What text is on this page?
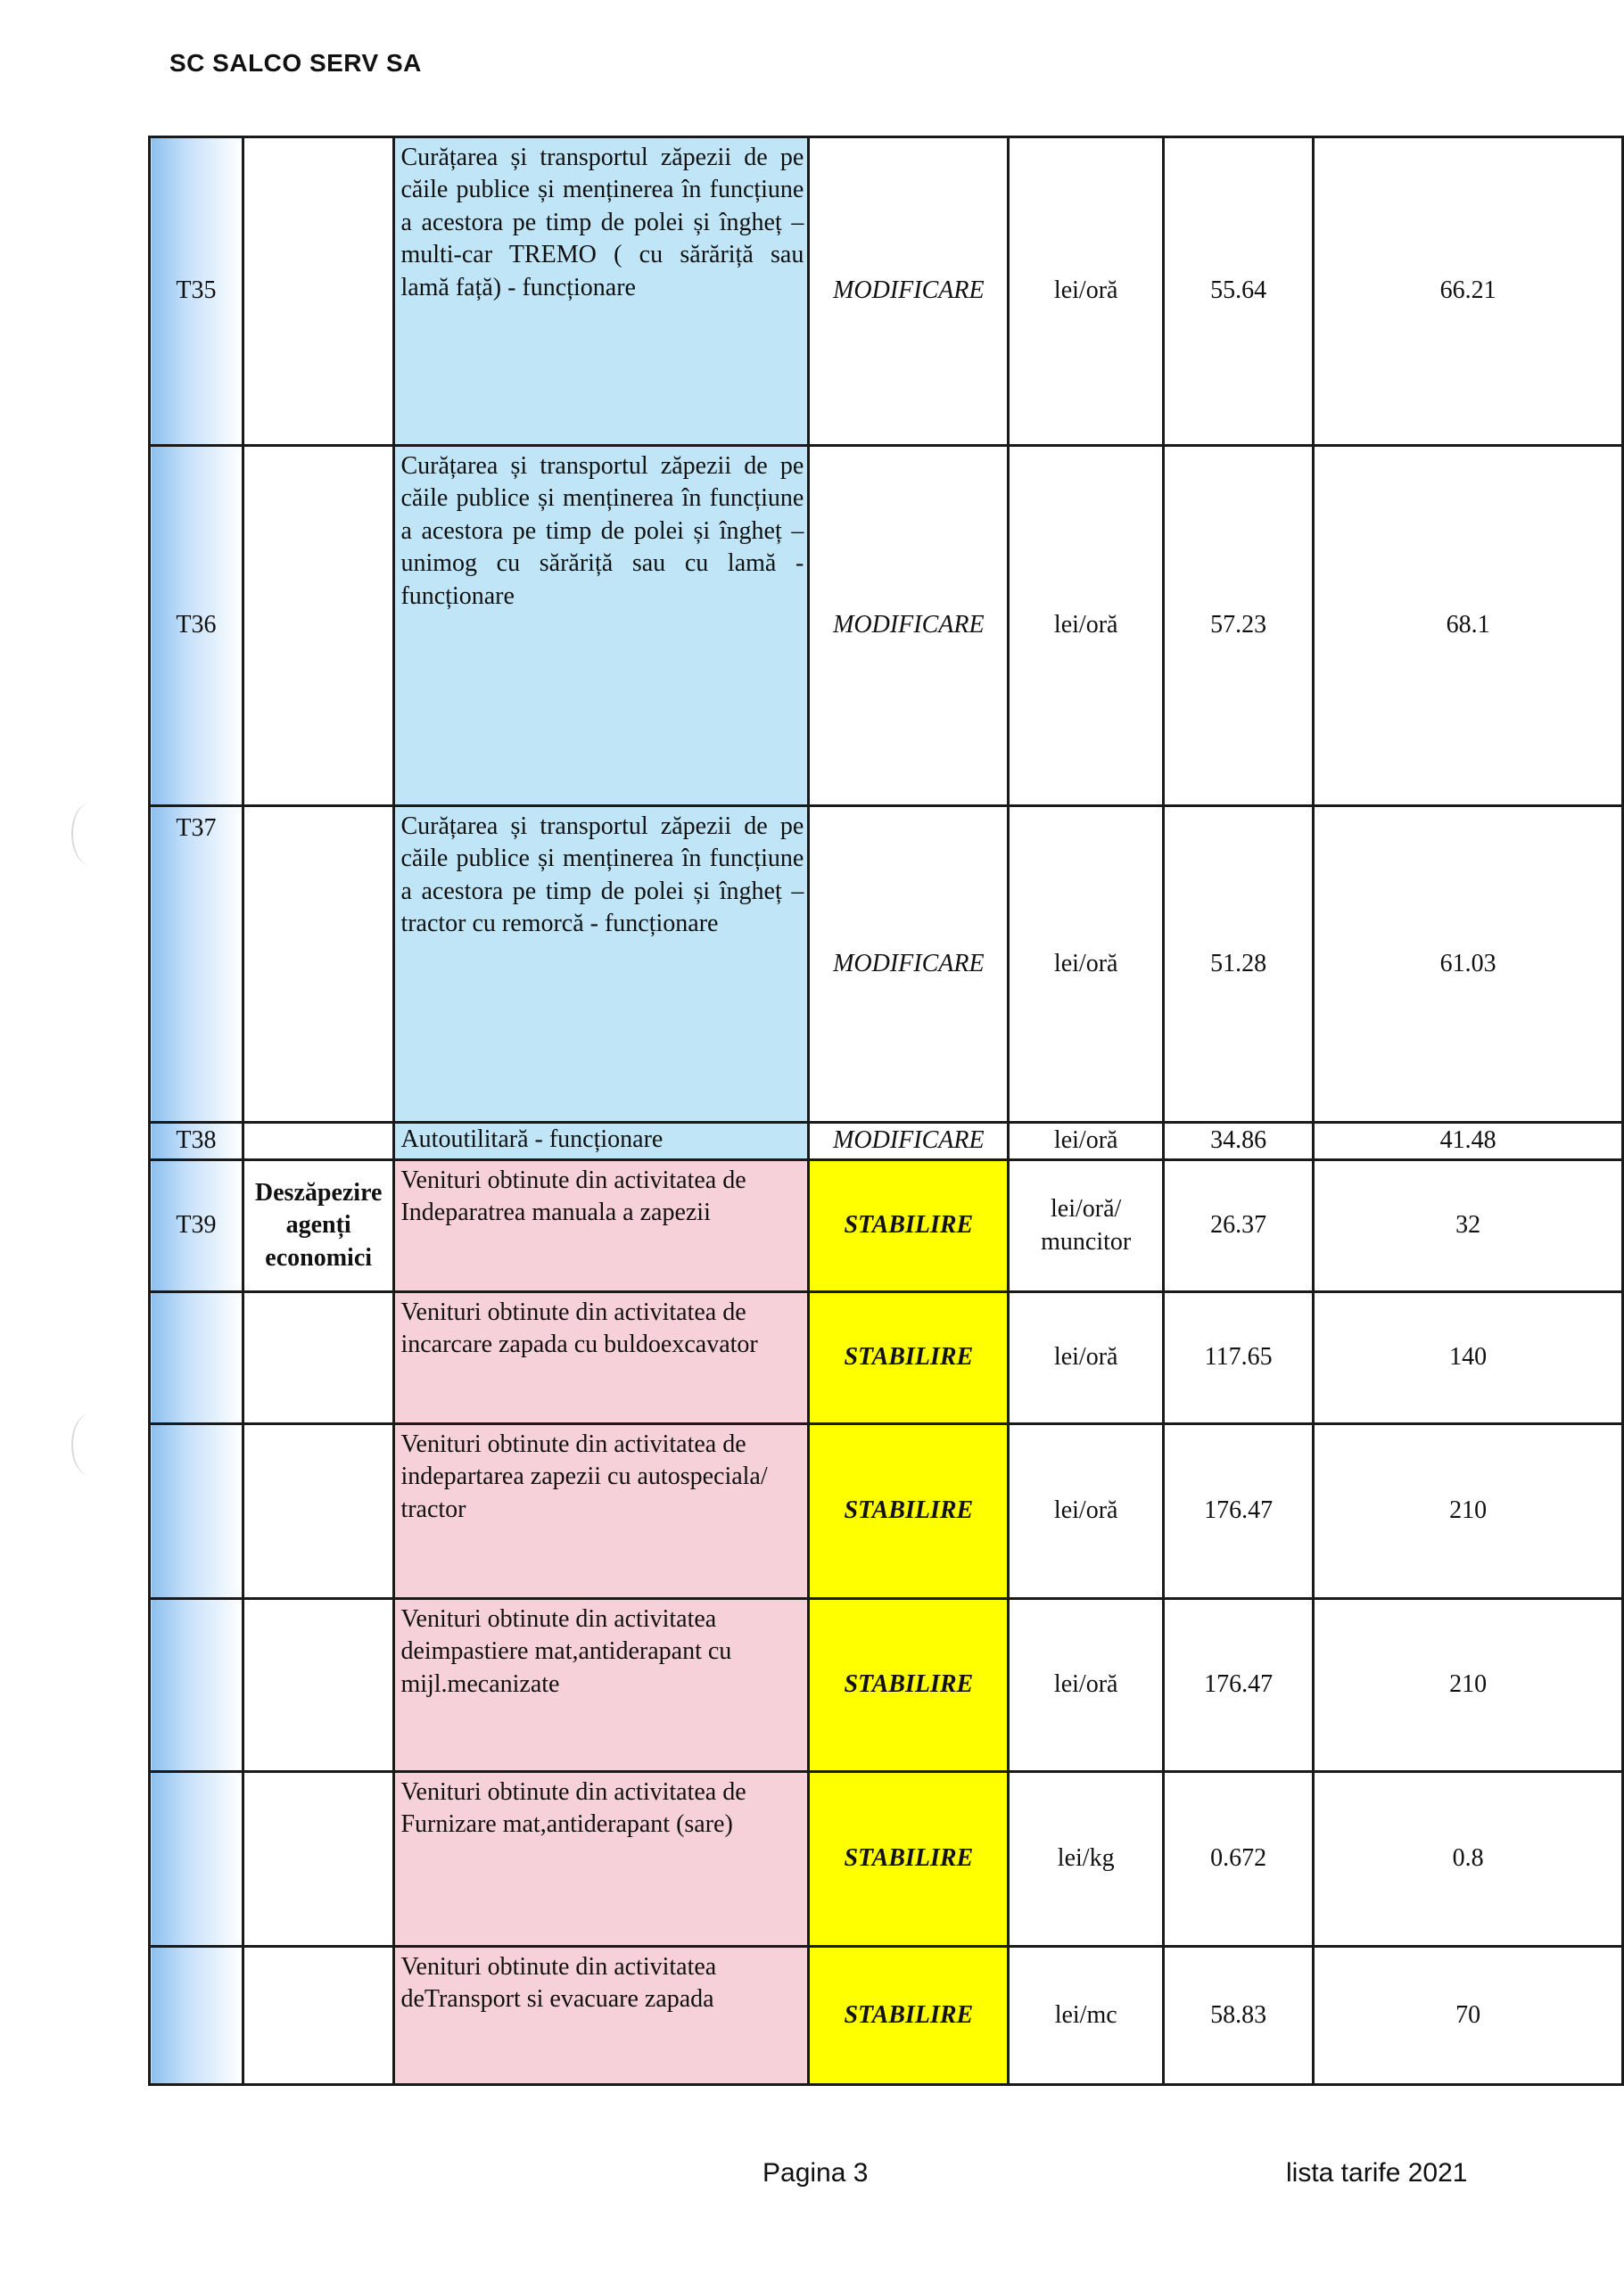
SC SALCO SERV SA
T35		Curățarea și transportul zăpezii de pe căile publice și menținerea în funcțiune a acestora pe timp de polei și îngheț – multi-car TREMO ( cu sărăriță sau lamă față) - funcționare	MODIFICARE	lei/oră	55.64	66.21
T36		Curățarea și transportul zăpezii de pe căile publice și menținerea în funcțiune a acestora pe timp de polei și îngheț – unimog cu sărăriță sau cu lamă - funcționare	MODIFICARE	lei/oră	57.23	68.1
T37		Curățarea și transportul zăpezii de pe căile publice și menținerea în funcțiune a acestora pe timp de polei și îngheț – tractor cu remorcă - funcționare	MODIFICARE	lei/oră	51.28	61.03
T38		Autoutilitară - funcționare	MODIFICARE	lei/oră	34.86	41.48
T39	Deszăpezire agenți economici	Venituri obtinute din activitatea de Indeparatrea manuala a zapezii	STABILIRE	lei/oră/ muncitor	26.37	32
		Venituri obtinute din activitatea de incarcare zapada cu buldoexcavator	STABILIRE	lei/oră	117.65	140
		Venituri obtinute din activitatea de indepartarea zapezii cu autospeciala/ tractor	STABILIRE	lei/oră	176.47	210
		Venituri obtinute din activitatea deimpastiere mat,antiderapant cu mijl.mecanizate	STABILIRE	lei/oră	176.47	210
		Venituri obtinute din activitatea de Furnizare mat,antiderapant (sare)	STABILIRE	lei/kg	0.672	0.8
		Venituri obtinute din activitatea deTransport si evacuare zapada	STABILIRE	lei/mc	58.83	70
Pagina 3	lista tarife 2021
